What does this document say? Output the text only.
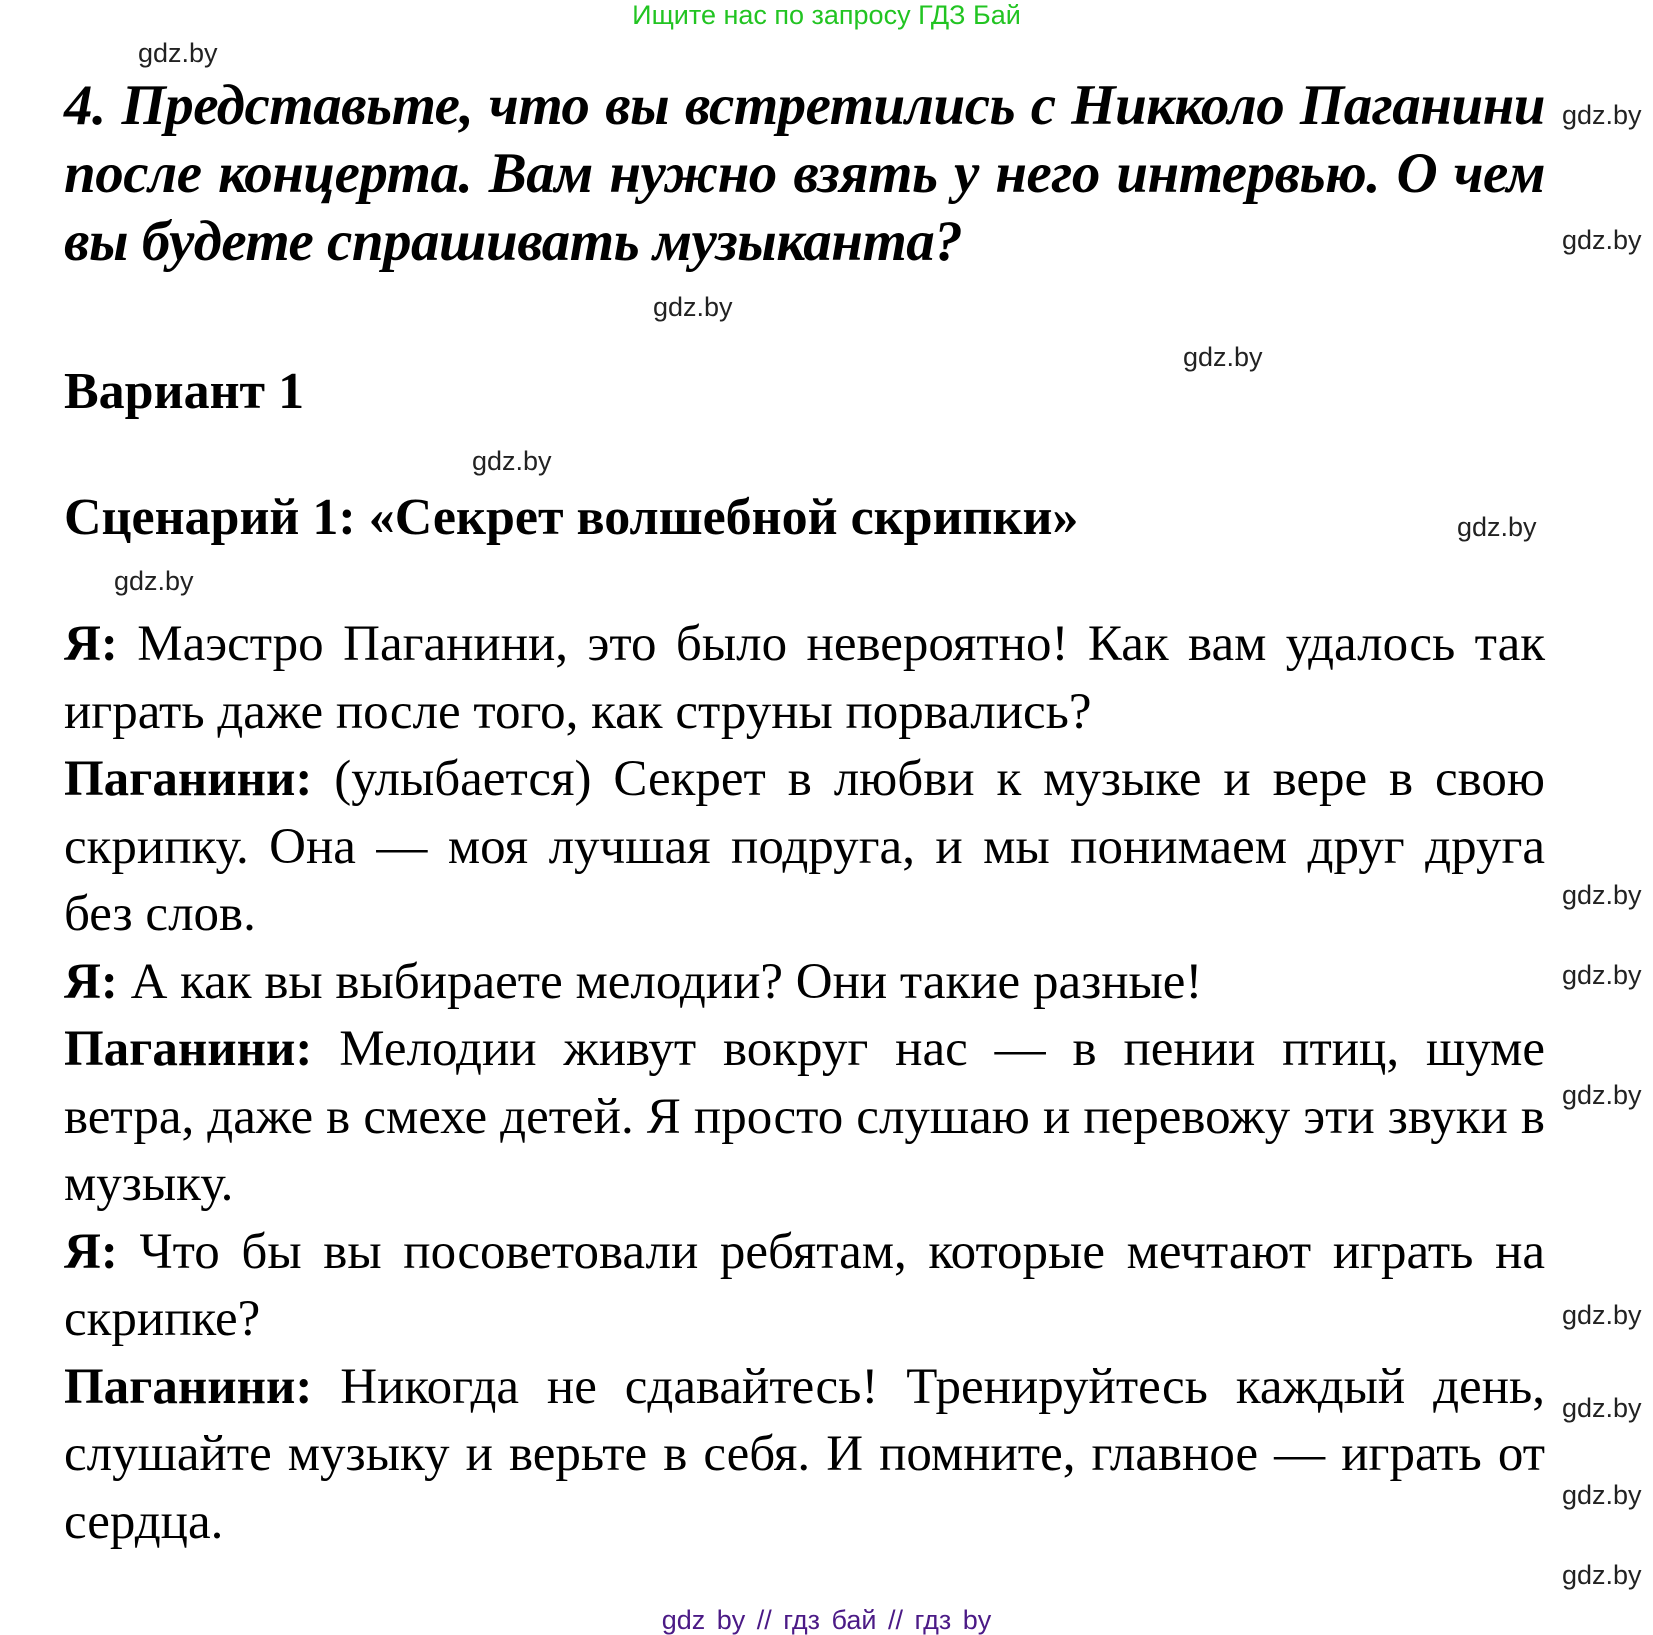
Ищите нас по запросу ГДЗ Бай
4. Представьте, что вы встретились с Никколо Паганини после концерта. Вам нужно взять у него интервью. О чем вы будете спрашивать музыканта?
Вариант 1
Сценарий 1: «Секрет волшебной скрипки»

Я: Маэстро Паганини, это было невероятно! Как вам удалось так играть даже после того, как струны порвались?

Паганини: (улыбается) Секрет в любви к музыке и вере в свою скрипку. Она — моя лучшая подруга, и мы понимаем друг друга без слов.

Я: А как вы выбираете мелодии? Они такие разные!

Паганини: Мелодии живут вокруг нас — в пении птиц, шуме ветра, даже в смехе детей. Я просто слушаю и перевожу эти звуки в музыку.

Я: Что бы вы посоветовали ребятам, которые мечтают играть на скрипке?

Паганини: Никогда не сдавайтесь! Тренируйтесь каждый день, слушайте музыку и верьте в себя. И помните, главное — играть от сердца.

gdz.by
gdz.by
gdz.by
gdz.by
gdz.by
gdz.by
gdz.by
gdz.by
gdz.by
gdz.by
gdz.by
gdz.by
gdz.by
gdz.by
gdz.by
gdz by // гдз бай // гдз by
